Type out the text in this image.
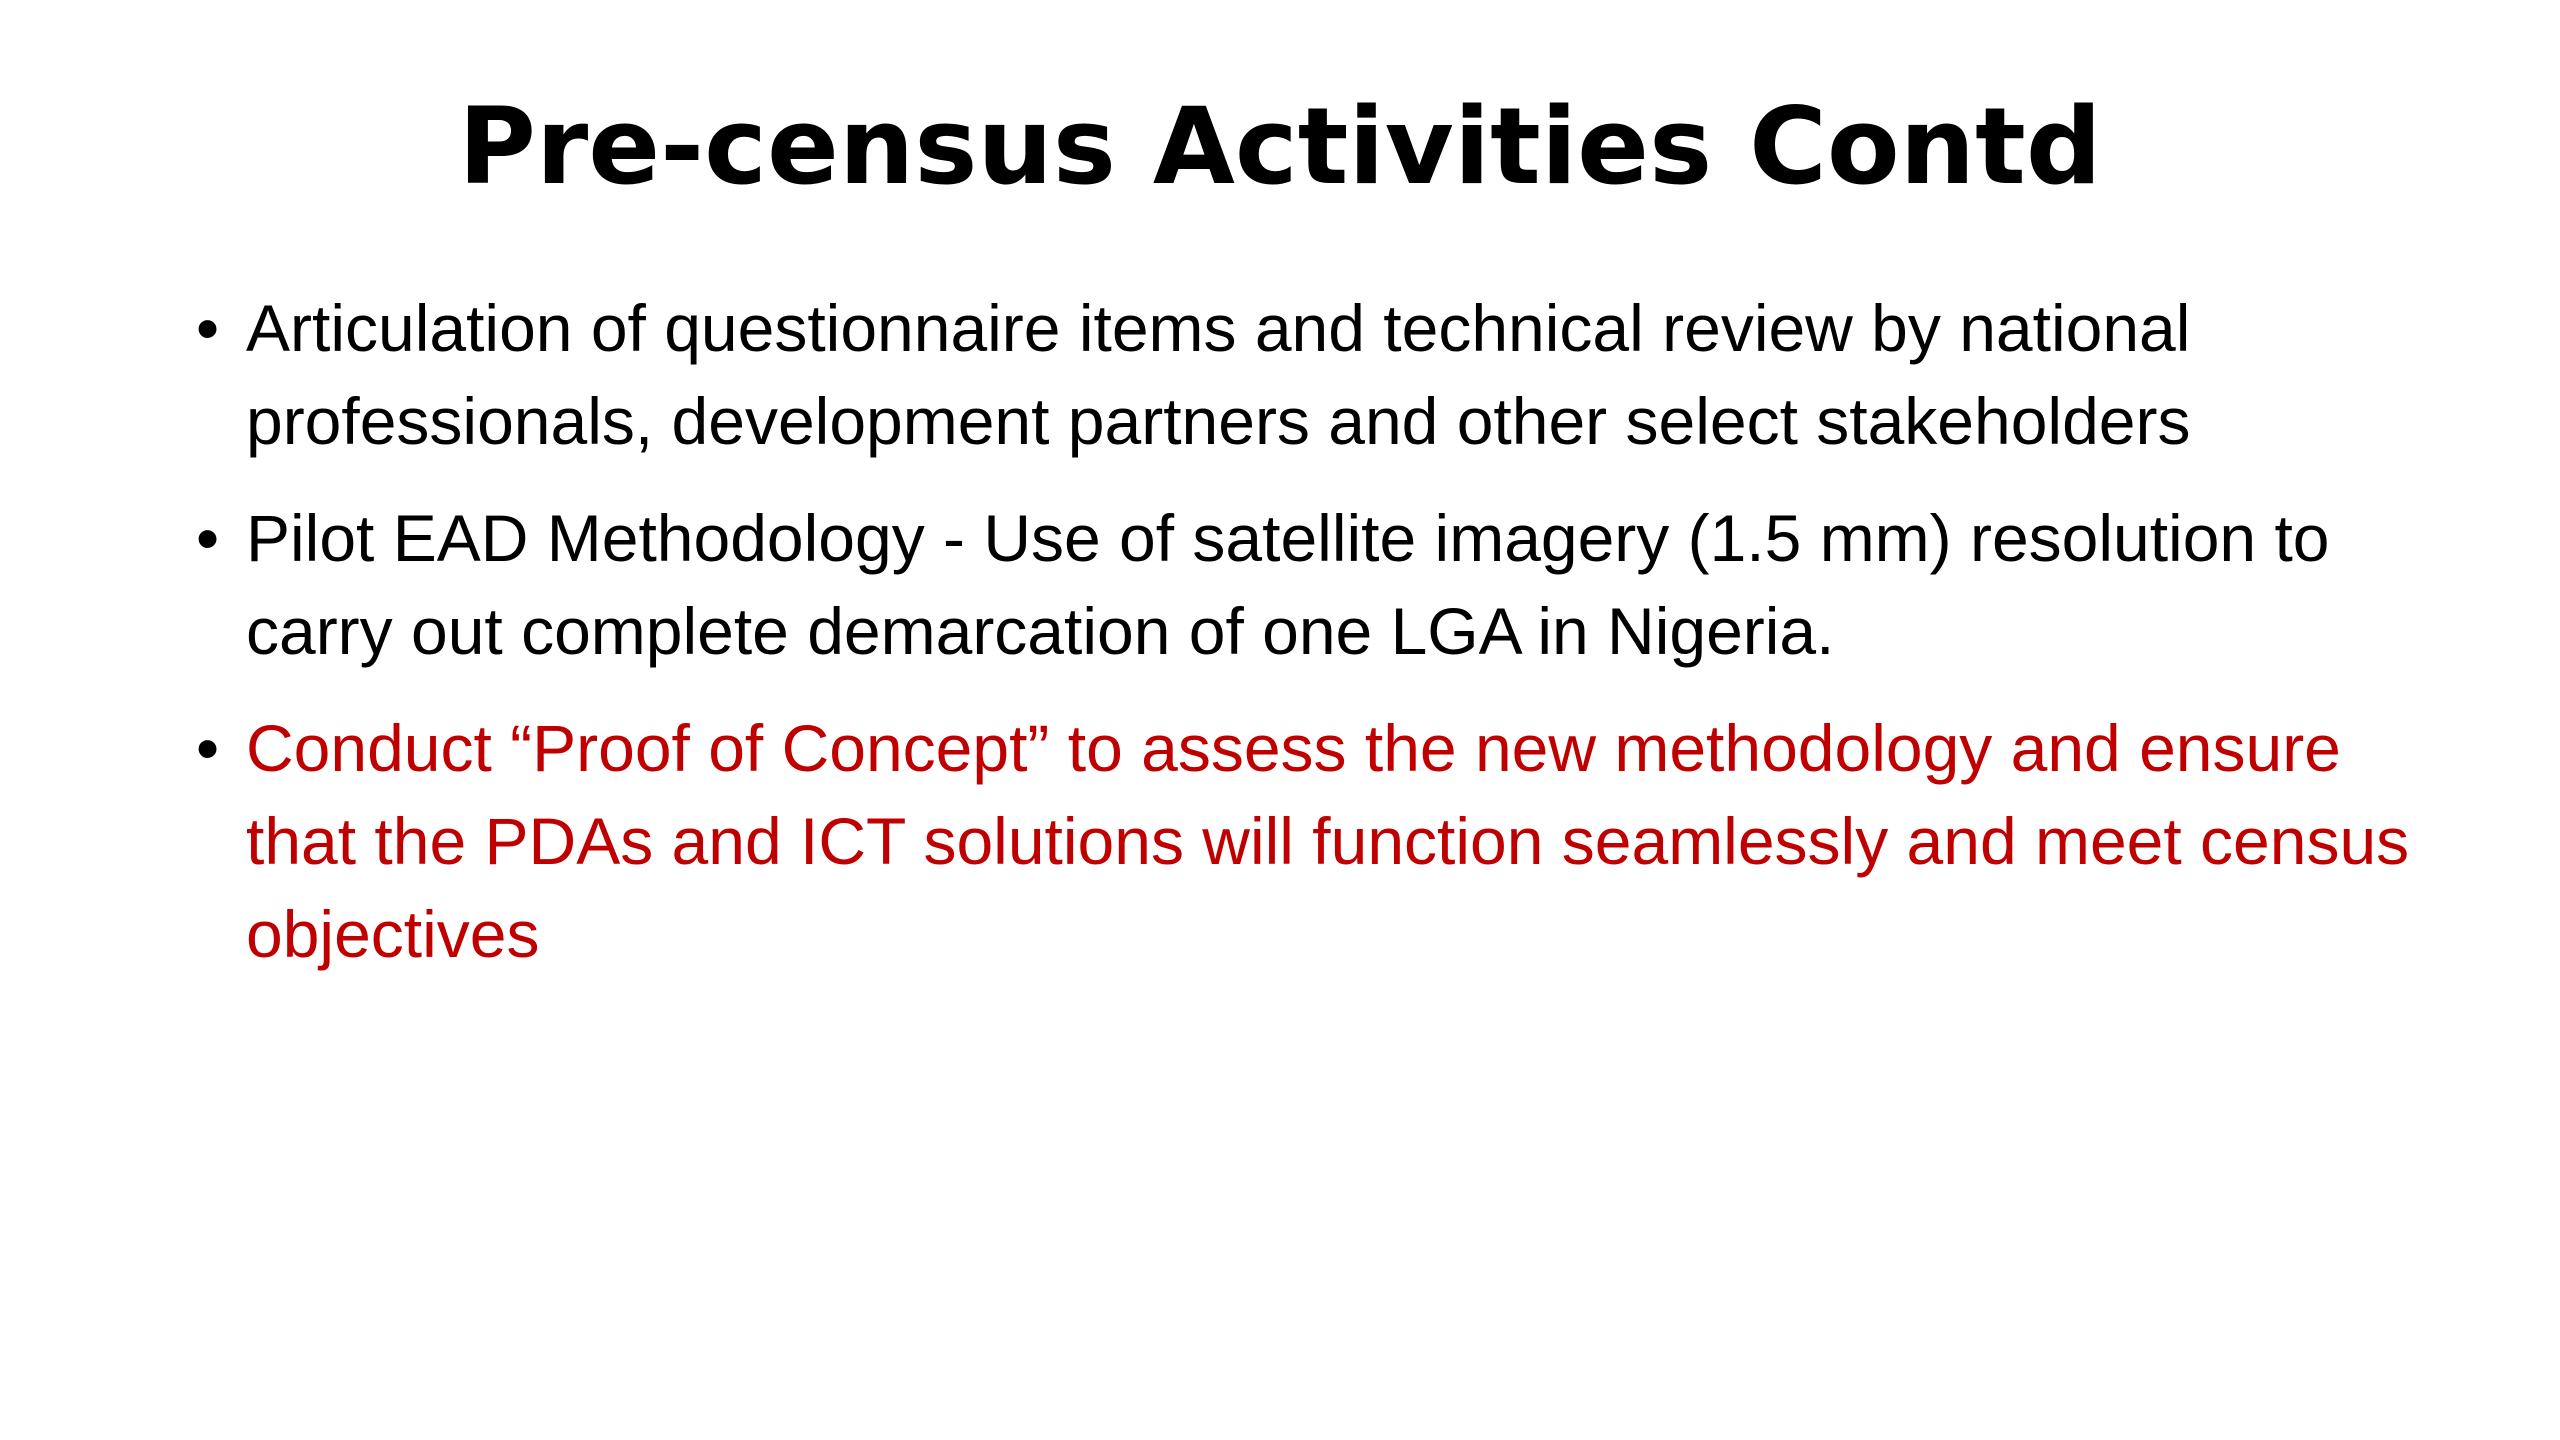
Pre-census Activities Contd
• Articulation of questionnaire items and technical review by national professionals, development partners and other select stakeholders
• Pilot EAD Methodology - Use of satellite imagery (1.5 mm) resolution to carry out complete demarcation of one LGA in Nigeria.
• Conduct “Proof of Concept” to assess the new methodology and ensure that the PDAs and ICT solutions will function seamlessly and meet census objectives
